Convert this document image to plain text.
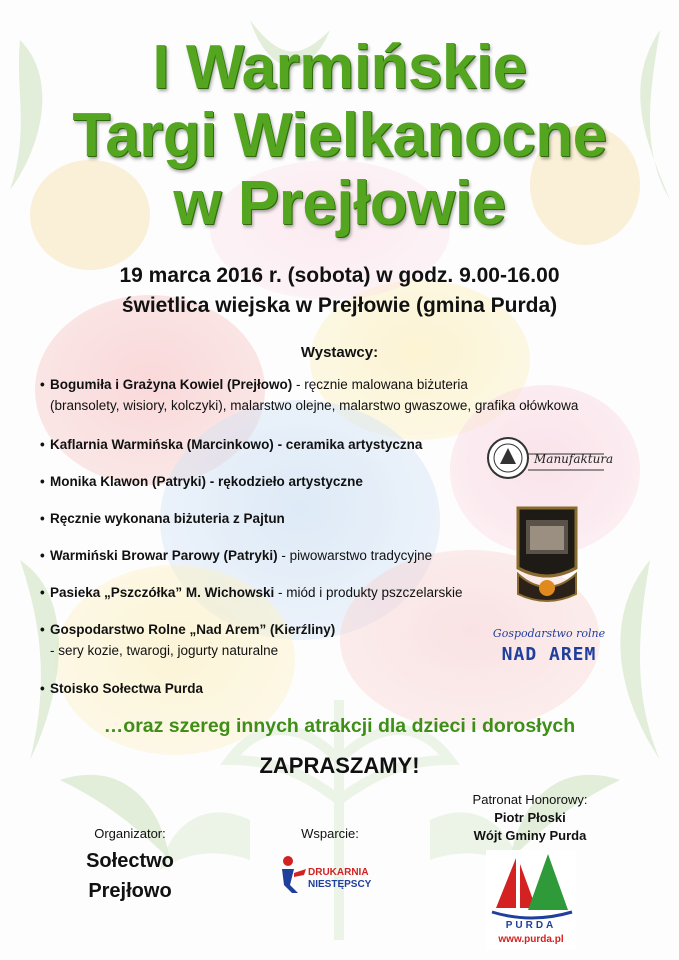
I Warmińskie
Targi Wielkanocne
w Prejłowie
19 marca 2016 r. (sobota) w godz. 9.00-16.00
świetlica wiejska w Prejłowie (gmina Purda)
Wystawcy:
• Bogumiła i Grażyna Kowiel (Prejłowo) - ręcznie malowana biżuteria
(bransolety, wisiory, kolczyki), malarstwo olejne, malarstwo gwaszowe, grafika ołówkowa
• Kaflarnia Warmińska (Marcinkowo) - ceramika artystyczna
• Monika Klawon (Patryki) - rękodzieło artystyczne
• Ręcznie wykonana biżuteria z Pajtun
• Warmiński Browar Parowy (Patryki) - piwowarstwo tradycyjne
• Pasieka „Pszczółka” M. Wichowski - miód i produkty pszczelarskie
• Gospodarstwo Rolne „Nad Arem” (Kierźliny)
- sery kozie, twarogi, jogurty naturalne
• Stoisko Sołectwa Purda
Manufaktura
Gospodarstwo rolne
NAD AREM
…oraz szereg innych atrakcji dla dzieci i dorosłych
ZAPRASZAMY!
Organizator:
Sołectwo
Prejłowo
Wsparcie:
DRUKARNIA
NIESTĘPSCY
Patronat Honorowy:
Piotr Płoski
Wójt Gminy Purda
PURDA
www.purda.pl
